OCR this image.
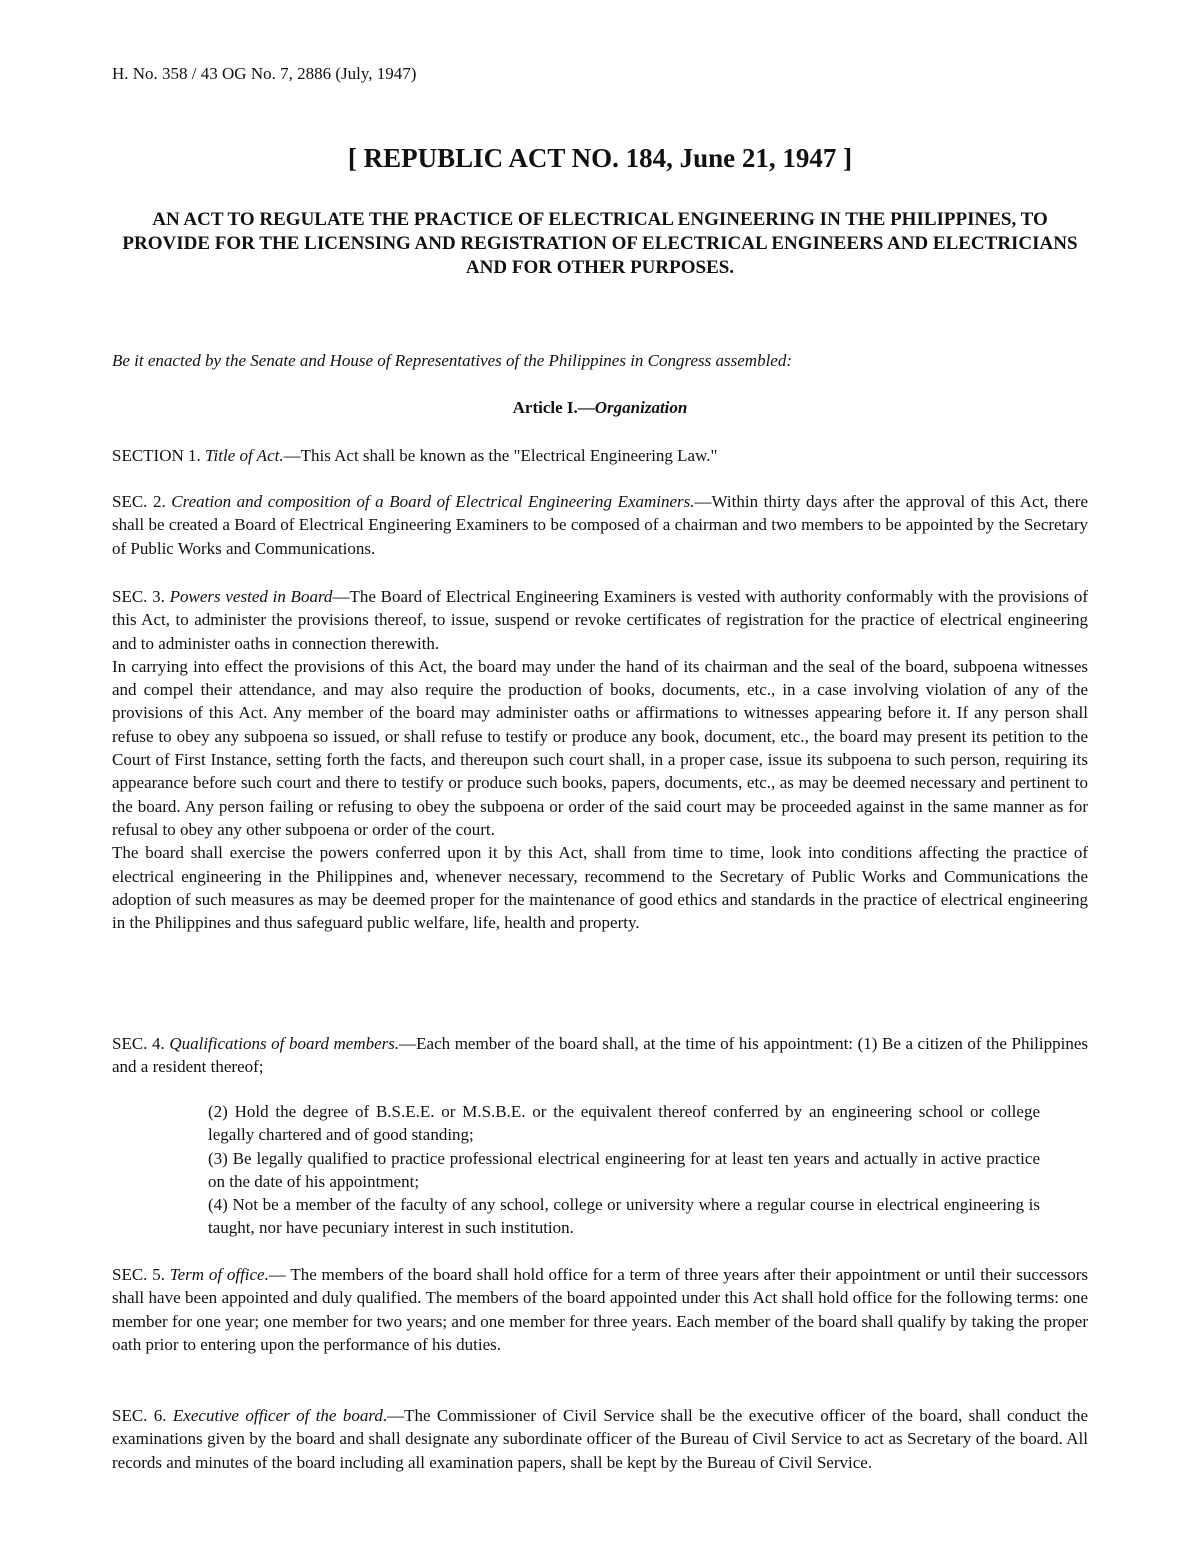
H. No. 358 / 43 OG No. 7, 2886 (July, 1947)
[ REPUBLIC ACT NO. 184, June 21, 1947 ]
AN ACT TO REGULATE THE PRACTICE OF ELECTRICAL ENGINEERING IN THE PHILIPPINES, TO PROVIDE FOR THE LICENSING AND REGISTRATION OF ELECTRICAL ENGINEERS AND ELECTRICIANS AND FOR OTHER PURPOSES.
Be it enacted by the Senate and House of Representatives of the Philippines in Congress assembled:
Article I.—Organization
SECTION 1. Title of Act.—This Act shall be known as the "Electrical Engineering Law."
SEC. 2. Creation and composition of a Board of Electrical Engineering Examiners.—Within thirty days after the approval of this Act, there shall be created a Board of Electrical Engineering Examiners to be composed of a chairman and two members to be appointed by the Secretary of Public Works and Communications.
SEC. 3. Powers vested in Board—The Board of Electrical Engineering Examiners is vested with authority conformably with the provisions of this Act, to administer the provisions thereof, to issue, suspend or revoke certificates of registration for the practice of electrical engineering and to administer oaths in connection therewith.
In carrying into effect the provisions of this Act, the board may under the hand of its chairman and the seal of the board, subpoena witnesses and compel their attendance, and may also require the production of books, documents, etc., in a case involving violation of any of the provisions of this Act. Any member of the board may administer oaths or affirmations to witnesses appearing before it. If any person shall refuse to obey any subpoena so issued, or shall refuse to testify or produce any book, document, etc., the board may present its petition to the Court of First Instance, setting forth the facts, and thereupon such court shall, in a proper case, issue its subpoena to such person, requiring its appearance before such court and there to testify or produce such books, papers, documents, etc., as may be deemed necessary and pertinent to the board. Any person failing or refusing to obey the subpoena or order of the said court may be proceeded against in the same manner as for refusal to obey any other subpoena or order of the court.
The board shall exercise the powers conferred upon it by this Act, shall from time to time, look into conditions affecting the practice of electrical engineering in the Philippines and, whenever necessary, recommend to the Secretary of Public Works and Communications the adoption of such measures as may be deemed proper for the maintenance of good ethics and standards in the practice of electrical engineering in the Philippines and thus safeguard public welfare, life, health and property.
SEC. 4. Qualifications of board members.—Each member of the board shall, at the time of his appointment: (1) Be a citizen of the Philippines and a resident thereof;
(2) Hold the degree of B.S.E.E. or M.S.B.E. or the equivalent thereof conferred by an engineering school or college legally chartered and of good standing;
(3) Be legally qualified to practice professional electrical engineering for at least ten years and actually in active practice on the date of his appointment;
(4) Not be a member of the faculty of any school, college or university where a regular course in electrical engineering is taught, nor have pecuniary interest in such institution.
SEC. 5. Term of office.— The members of the board shall hold office for a term of three years after their appointment or until their successors shall have been appointed and duly qualified. The members of the board appointed under this Act shall hold office for the following terms: one member for one year; one member for two years; and one member for three years. Each member of the board shall qualify by taking the proper oath prior to entering upon the performance of his duties.
SEC. 6. Executive officer of the board.—The Commissioner of Civil Service shall be the executive officer of the board, shall conduct the examinations given by the board and shall designate any subordinate officer of the Bureau of Civil Service to act as Secretary of the board. All records and minutes of the board including all examination papers, shall be kept by the Bureau of Civil Service.
